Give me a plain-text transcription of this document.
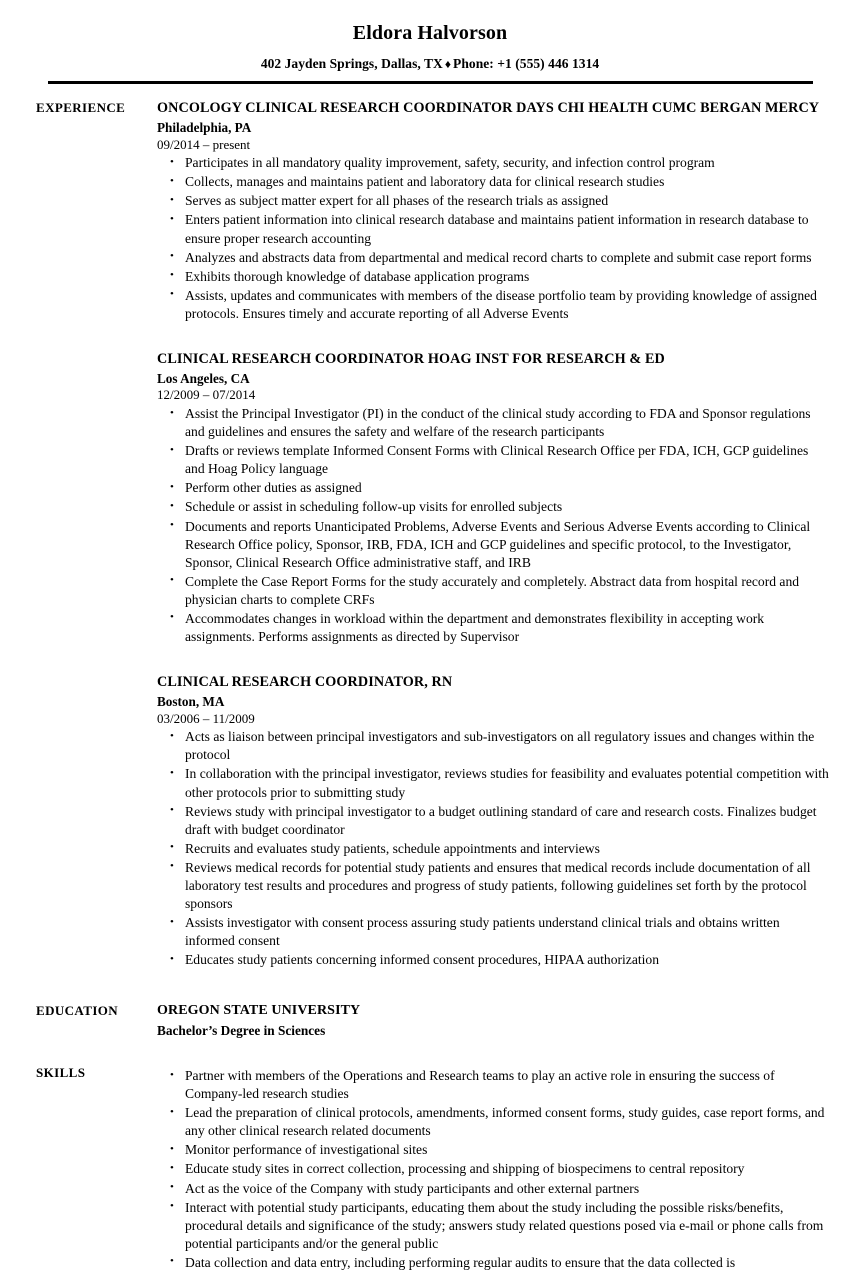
Eldora Halvorson
402 Jayden Springs, Dallas, TX ♦ Phone: +1 (555) 446 1314
EXPERIENCE	ONCOLOGY CLINICAL RESEARCH COORDINATOR DAYS CHI HEALTH CUMC BERGAN MERCY
Philadelphia, PA
09/2014 – present
• Participates in all mandatory quality improvement, safety, security, and infection control program
• Collects, manages and maintains patient and laboratory data for clinical research studies
• Serves as subject matter expert for all phases of the research trials as assigned
• Enters patient information into clinical research database and maintains patient information in research database to ensure proper research accounting
• Analyzes and abstracts data from departmental and medical record charts to complete and submit case report forms
• Exhibits thorough knowledge of database application programs
• Assists, updates and communicates with members of the disease portfolio team by providing knowledge of assigned protocols. Ensures timely and accurate reporting of all Adverse Events
CLINICAL RESEARCH COORDINATOR HOAG INST FOR RESEARCH & ED
Los Angeles, CA
12/2009 – 07/2014
• Assist the Principal Investigator (PI) in the conduct of the clinical study according to FDA and Sponsor regulations and guidelines and ensures the safety and welfare of the research participants
• Drafts or reviews template Informed Consent Forms with Clinical Research Office per FDA, ICH, GCP guidelines and Hoag Policy language
• Perform other duties as assigned
• Schedule or assist in scheduling follow-up visits for enrolled subjects
• Documents and reports Unanticipated Problems, Adverse Events and Serious Adverse Events according to Clinical Research Office policy, Sponsor, IRB, FDA, ICH and GCP guidelines and specific protocol, to the Investigator, Sponsor, Clinical Research Office administrative staff, and IRB
• Complete the Case Report Forms for the study accurately and completely. Abstract data from hospital record and physician charts to complete CRFs
• Accommodates changes in workload within the department and demonstrates flexibility in accepting work assignments. Performs assignments as directed by Supervisor
CLINICAL RESEARCH COORDINATOR, RN
Boston, MA
03/2006 – 11/2009
• Acts as liaison between principal investigators and sub-investigators on all regulatory issues and changes within the protocol
• In collaboration with the principal investigator, reviews studies for feasibility and evaluates potential competition with other protocols prior to submitting study
• Reviews study with principal investigator to a budget outlining standard of care and research costs. Finalizes budget draft with budget coordinator
• Recruits and evaluates study patients, schedule appointments and interviews
• Reviews medical records for potential study patients and ensures that medical records include documentation of all laboratory test results and procedures and progress of study patients, following guidelines set forth by the protocol sponsors
• Assists investigator with consent process assuring study patients understand clinical trials and obtains written informed consent
• Educates study patients concerning informed consent procedures, HIPAA authorization
EDUCATION	OREGON STATE UNIVERSITY
Bachelor’s Degree in Sciences
SKILLS	• Partner with members of the Operations and Research teams to play an active role in ensuring the success of Company-led research studies
• Lead the preparation of clinical protocols, amendments, informed consent forms, study guides, case report forms, and any other clinical research related documents
• Monitor performance of investigational sites
• Educate study sites in correct collection, processing and shipping of biospecimens to central repository
• Act as the voice of the Company with study participants and other external partners
• Interact with potential study participants, educating them about the study including the possible risks/benefits, procedural details and significance of the study; answers study related questions posed via e-mail or phone calls from potential participants and/or the general public
• Data collection and data entry, including performing regular audits to ensure that the data collected is
